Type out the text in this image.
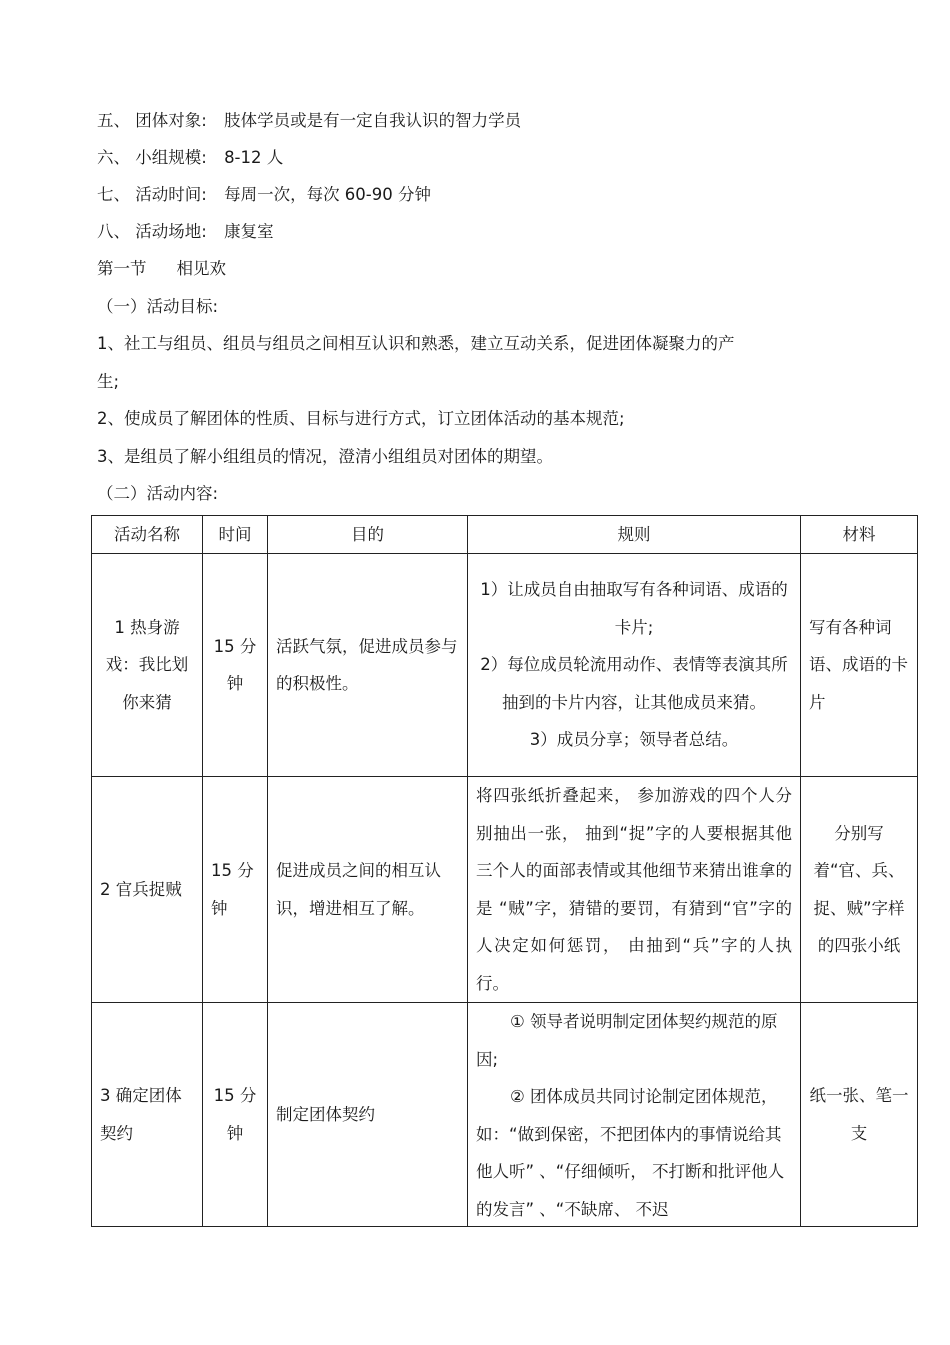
五、 团体对象: 肢体学员或是有一定自我认识的智力学员
六、 小组规模: 8-12 人
七、 活动时间: 每周一次，每次 60-90 分钟
八、 活动场地: 康复室
第一节 相见欢
（一）活动目标:
1、社工与组员、组员与组员之间相互认识和熟悉，建立互动关系，促进团体凝聚力的产
生;
2、使成员了解团体的性质、目标与进行方式，订立团体活动的基本规范;
3、是组员了解小组组员的情况，澄清小组组员对团体的期望。
（二）活动内容:
活动名称	时间	目的	规则	材料
1 热身游戏：我比划你来猜	15 分钟	活跃气氛，促进成员参与的积极性。	1）让成员自由抽取写有各种词语、成语的卡片;
2）每位成员轮流用动作、表情等表演其所抽到的卡片内容，让其他成员来猜。
3）成员分享；领导者总结。	写有各种词语、成语的卡片
2 官兵捉贼	15 分钟	促进成员之间的相互认识，增进相互了解。	将四张纸折叠起来， 参加游戏的四个人分别抽出一张， 抽到“捉”字的人要根据其他三个人的面部表情或其他细节来猜出谁拿的是 “贼”字，猜错的要罚，有猜到“官”字的人决定如何惩罚， 由抽到“兵”字的人执行。	分别写着“官、兵、捉、贼”字样的四张小纸
3 确定团体契约	15 分钟	制定团体契约	① 领导者说明制定团体契约规范的原因;
② 团体成员共同讨论制定团体规范，如：“做到保密，不把团体内的事情说给其他人听” 、“仔细倾听， 不打断和批评他人的发言” 、“不缺席、 不迟	纸一张、笔一支
